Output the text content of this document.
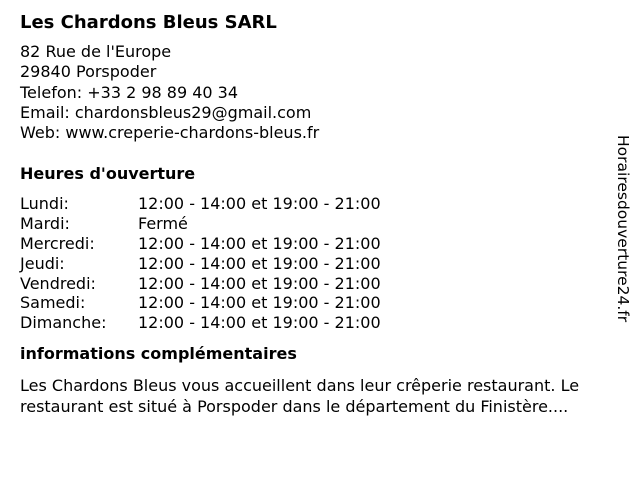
Les Chardons Bleus SARL
82 Rue de l'Europe
29840 Porspoder
Telefon: +33 2 98 89 40 34
Email: chardonsbleus29@gmail.com
Web: www.creperie-chardons-bleus.fr
Heures d'ouverture
Lundi:	12:00 - 14:00 et 19:00 - 21:00
Mardi:	Fermé
Mercredi:	12:00 - 14:00 et 19:00 - 21:00
Jeudi:	12:00 - 14:00 et 19:00 - 21:00
Vendredi:	12:00 - 14:00 et 19:00 - 21:00
Samedi:	12:00 - 14:00 et 19:00 - 21:00
Dimanche:	12:00 - 14:00 et 19:00 - 21:00
informations complémentaires
Les Chardons Bleus vous accueillent dans leur crêperie restaurant. Le restaurant est situé à Porspoder dans le département du Finistère....
Horairesdouverture24.fr
